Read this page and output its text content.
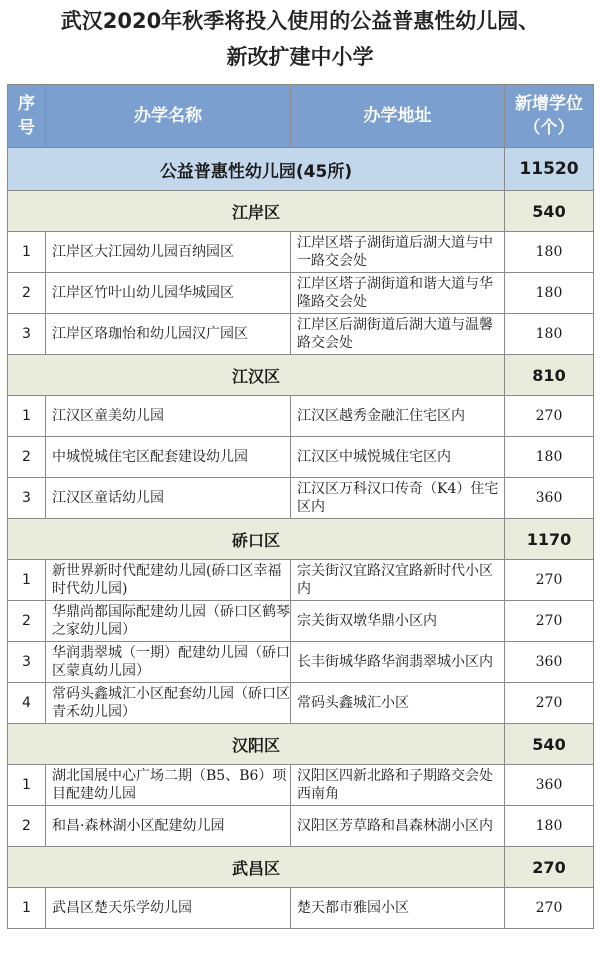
武汉2020年秋季将投入使用的公益普惠性幼儿园、
新改扩建中小学
序号	办学名称	办学地址	新增学位（个）
公益普惠性幼儿园(45所)			11520
江岸区			540
1	江岸区大江园幼儿园百纳园区	江岸区塔子湖街道后湖大道与中一路交会处	180
2	江岸区竹叶山幼儿园华城园区	江岸区塔子湖街道和谐大道与华隆路交会处	180
3	江岸区珞珈怡和幼儿园汉广园区	江岸区后湖街道后湖大道与温馨路交会处	180
江汉区			810
1	江汉区童美幼儿园	江汉区越秀金融汇住宅区内	270
2	中城悦城住宅区配套建设幼儿园	江汉区中城悦城住宅区内	180
3	江汉区童话幼儿园	江汉区万科汉口传奇（K4）住宅区内	360
硚口区			1170
1	新世界新时代配建幼儿园(硚口区幸福时代幼儿园)	宗关街汉宜路汉宜路新时代小区内	270
2	华鼎尚都国际配建幼儿园（硚口区鹤琴之家幼儿园）	宗关街双墩华鼎小区内	270
3	华润翡翠城（一期）配建幼儿园（硚口区蒙真幼儿园）	长丰街城华路华润翡翠城小区内	360
4	常码头鑫城汇小区配套幼儿园（硚口区青禾幼儿园）	常码头鑫城汇小区	270
汉阳区			540
1	湖北国展中心广场二期（B5、B6）项目配建幼儿园	汉阳区四新北路和子期路交会处西南角	360
2	和昌·森林湖小区配建幼儿园	汉阳区芳草路和昌森林湖小区内	180
武昌区			270
1	武昌区楚天乐学幼儿园	楚天都市雅园小区	270
